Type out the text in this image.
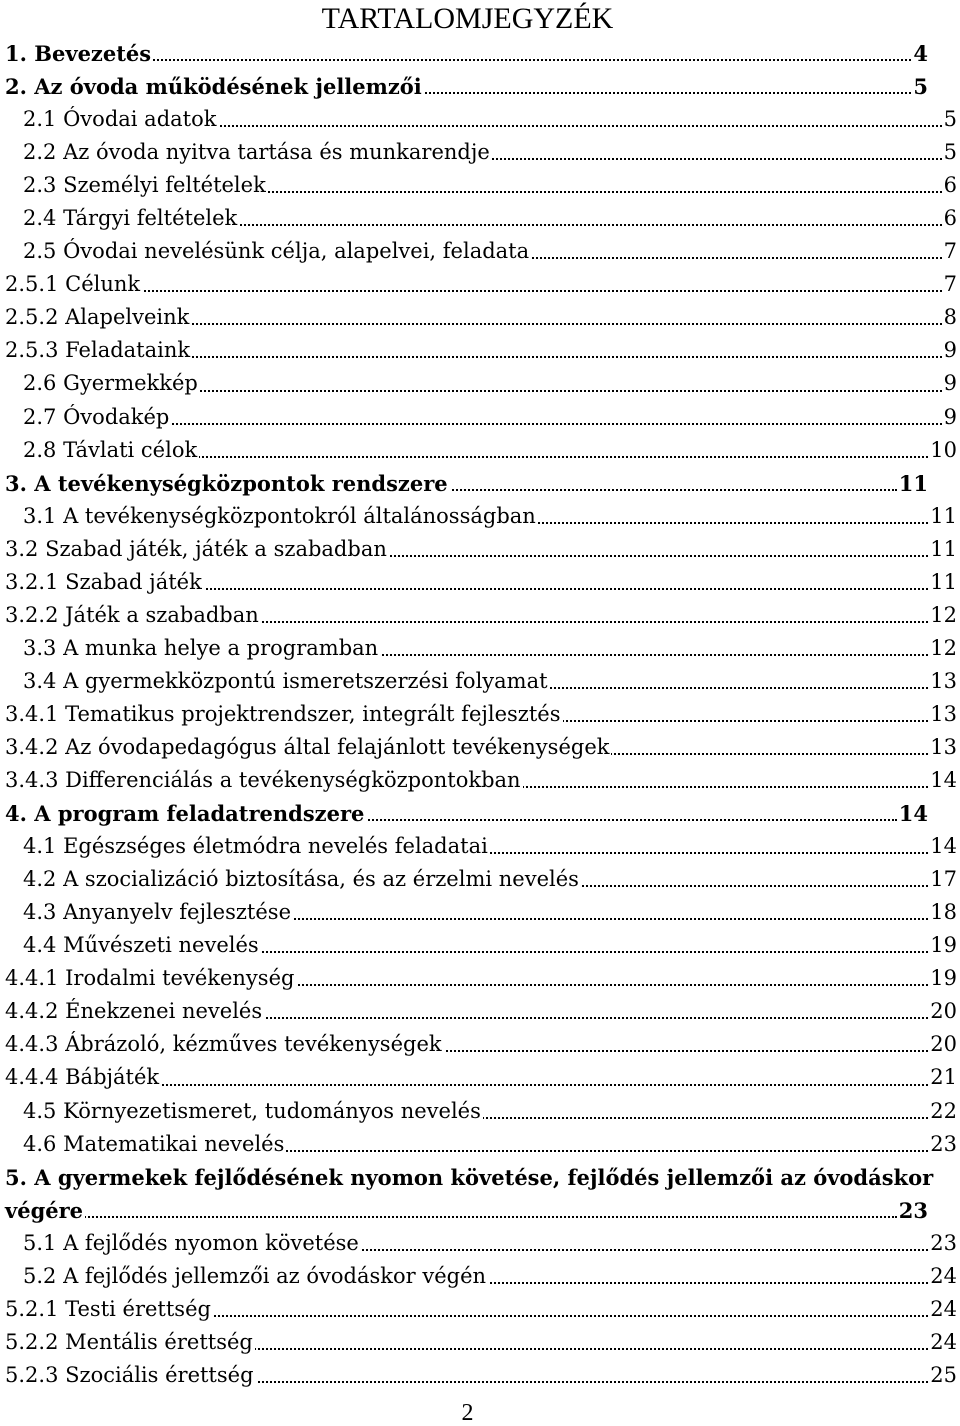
TARTALOMJEGYZÉK
1. Bevezetés	4
2. Az óvoda működésének jellemzői	5
2.1 Óvodai adatok	5
2.2 Az óvoda nyitva tartása és munkarendje	5
2.3 Személyi feltételek	6
2.4 Tárgyi feltételek	6
2.5 Óvodai nevelésünk célja, alapelvei, feladata	7
2.5.1 Célunk	7
2.5.2 Alapelveink	8
2.5.3 Feladataink	9
2.6 Gyermekkép	9
2.7 Óvodakép	9
2.8 Távlati célok	10
3. A tevékenységközpontok rendszere	11
3.1 A tevékenységközpontokról általánosságban	11
3.2 Szabad játék, játék a szabadban	11
3.2.1 Szabad játék	11
3.2.2 Játék a szabadban	12
3.3 A munka helye a programban	12
3.4 A gyermekközpontú ismeretszerzési folyamat	13
3.4.1 Tematikus projektrendszer, integrált fejlesztés	13
3.4.2 Az óvodapedagógus által felajánlott tevékenységek	13
3.4.3 Differenciálás a tevékenységközpontokban	14
4. A program feladatrendszere	14
4.1 Egészséges életmódra nevelés feladatai	14
4.2 A szocializáció biztosítása, és az érzelmi nevelés	17
4.3 Anyanyelv fejlesztése	18
4.4 Művészeti nevelés	19
4.4.1 Irodalmi tevékenység	19
4.4.2 Énekzenei nevelés	20
4.4.3 Ábrázoló, kézműves tevékenységek	20
4.4.4 Bábjáték	21
4.5 Környezetismeret, tudományos nevelés	22
4.6 Matematikai nevelés	23
5. A gyermekek fejlődésének nyomon követése, fejlődés jellemzői az óvodáskor
végére	23
5.1 A fejlődés nyomon követése	23
5.2 A fejlődés jellemzői az óvodáskor végén	24
5.2.1 Testi érettség	24
5.2.2 Mentális érettség	24
5.2.3 Szociális érettség	25
2
